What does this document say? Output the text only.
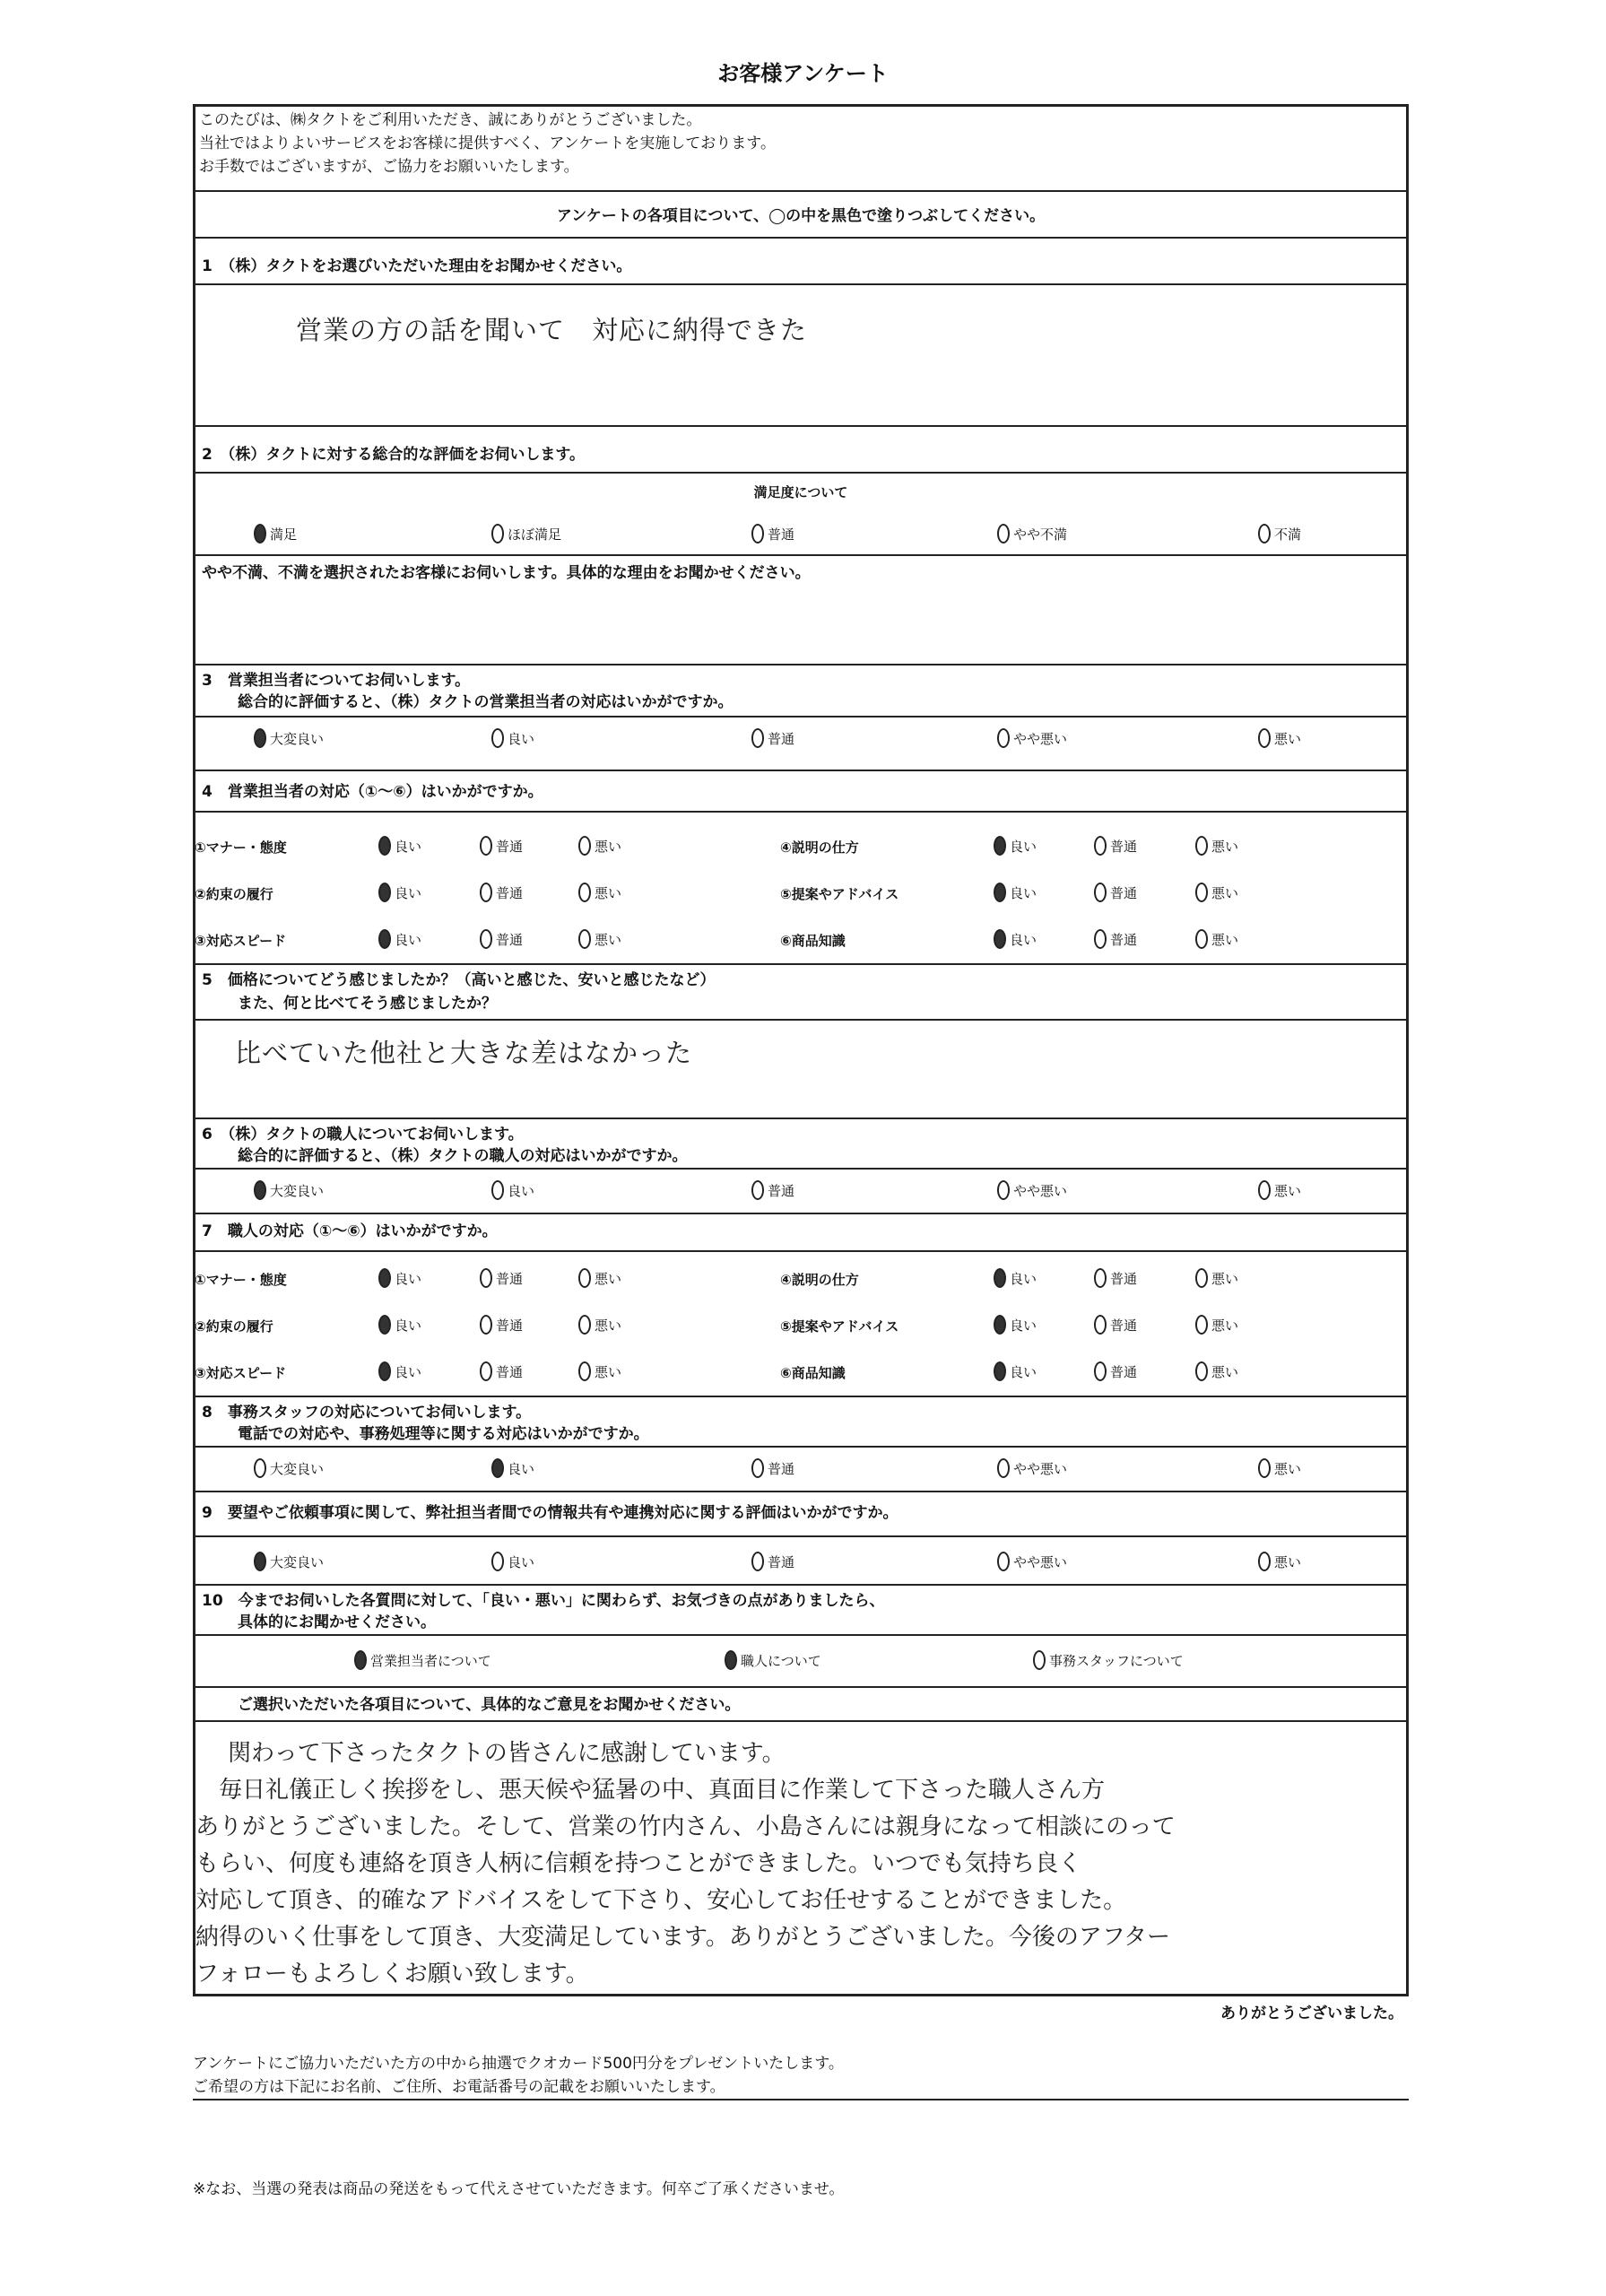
お客様アンケート
このたびは、㈱タクトをご利用いただき、誠にありがとうございました。
当社ではよりよいサービスをお客様に提供すべく、アンケートを実施しております。
お手数ではございますが、ご協力をお願いいたします。
アンケートの各項目について、◯の中を黒色で塗りつぶしてください。
1　（株）タクトをお選びいただいた理由をお聞かせください。
営業の方の話を聞いて　対応に納得できた
2　（株）タクトに対する総合的な評価をお伺いします。
満足度について
満足	ほぼ満足	普通	やや不満	不満
やや不満、不満を選択されたお客様にお伺いします。具体的な理由をお聞かせください。
3　営業担当者についてお伺いします。
総合的に評価すると、（株）タクトの営業担当者の対応はいかがですか。
大変良い	良い	普通	やや悪い	悪い
4　営業担当者の対応（①～⑥）はいかがですか。
①マナー・態度	良い	普通	悪い
②約束の履行	良い	普通	悪い
③対応スピード	良い	普通	悪い
④説明の仕方	良い	普通	悪い
⑤提案やアドバイス	良い	普通	悪い
⑥商品知識	良い	普通	悪い
5　価格についてどう感じましたか？（高いと感じた、安いと感じたなど）
また、何と比べてそう感じましたか？
比べていた他社と大きな差はなかった
6　（株）タクトの職人についてお伺いします。
総合的に評価すると、（株）タクトの職人の対応はいかがですか。
大変良い	良い	普通	やや悪い	悪い
7　職人の対応（①～⑥）はいかがですか。
①マナー・態度	良い	普通	悪い
②約束の履行	良い	普通	悪い
③対応スピード	良い	普通	悪い
④説明の仕方	良い	普通	悪い
⑤提案やアドバイス	良い	普通	悪い
⑥商品知識	良い	普通	悪い
8　事務スタッフの対応についてお伺いします。
電話での対応や、事務処理等に関する対応はいかがですか。
大変良い	良い	普通	やや悪い	悪い
9　要望やご依頼事項に関して、弊社担当者間での情報共有や連携対応に関する評価はいかがですか。
大変良い	良い	普通	やや悪い	悪い
10　今までお伺いした各質問に対して、「良い・悪い」に関わらず、お気づきの点がありましたら、
具体的にお聞かせください。
営業担当者について	職人について	事務スタッフについて
ご選択いただいた各項目について、具体的なご意見をお聞かせください。
関わって下さったタクトの皆さんに感謝しています。
毎日礼儀正しく挨拶をし、悪天候や猛暑の中、真面目に作業して下さった職人さん方
ありがとうございました。そして、営業の竹内さん、小島さんには親身になって相談にのって
もらい、何度も連絡を頂き人柄に信頼を持つことができました。いつでも気持ち良く
対応して頂き、的確なアドバイスをして下さり、安心してお任せすることができました。
納得のいく仕事をして頂き、大変満足しています。ありがとうございました。今後のアフター
フォローもよろしくお願い致します。
ありがとうございました。
アンケートにご協力いただいた方の中から抽選でクオカード500円分をプレゼントいたします。
ご希望の方は下記にお名前、ご住所、お電話番号の記載をお願いいたします。
※なお、当選の発表は商品の発送をもって代えさせていただきます。何卒ご了承くださいませ。
